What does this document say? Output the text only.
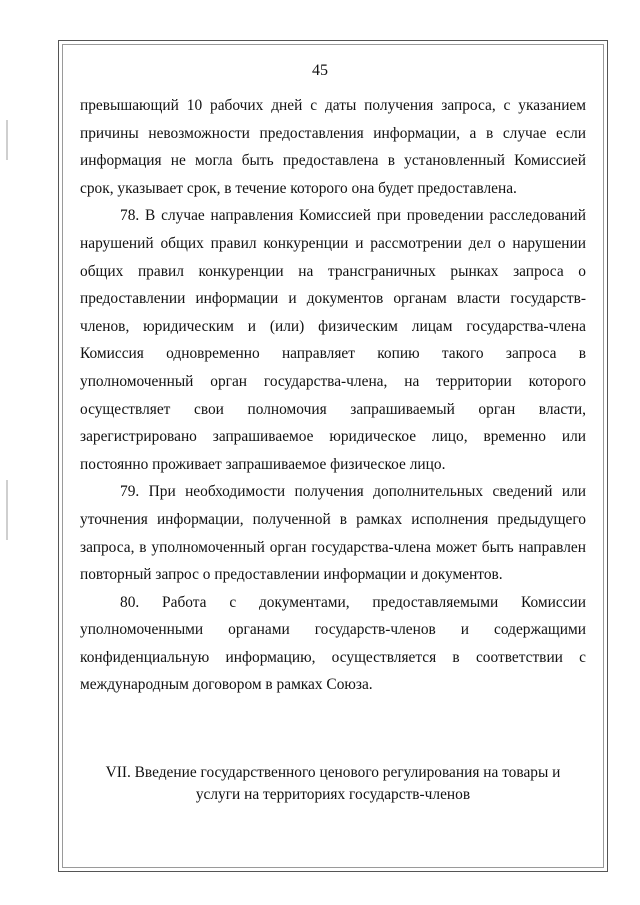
45

превышающий 10 рабочих дней с даты получения запроса, с указанием причины невозможности предоставления информации, а в случае если информация не могла быть предоставлена в установленный Комиссией срок, указывает срок, в течение которого она будет предоставлена.

78. В случае направления Комиссией при проведении расследований нарушений общих правил конкуренции и рассмотрении дел о нарушении общих правил конкуренции на трансграничных рынках запроса о предоставлении информации и документов органам власти государств-членов, юридическим и (или) физическим лицам государства-члена Комиссия одновременно направляет копию такого запроса в уполномоченный орган государства-члена, на территории которого осуществляет свои полномочия запрашиваемый орган власти, зарегистрировано запрашиваемое юридическое лицо, временно или постоянно проживает запрашиваемое физическое лицо.

79. При необходимости получения дополнительных сведений или уточнения информации, полученной в рамках исполнения предыдущего запроса, в уполномоченный орган государства-члена может быть направлен повторный запрос о предоставлении информации и документов.

80. Работа с документами, предоставляемыми Комиссии уполномоченными органами государств-членов и содержащими конфиденциальную информацию, осуществляется в соответствии с международным договором в рамках Союза.

VII. Введение государственного ценового регулирования на товары и
услуги на территориях государств-членов
